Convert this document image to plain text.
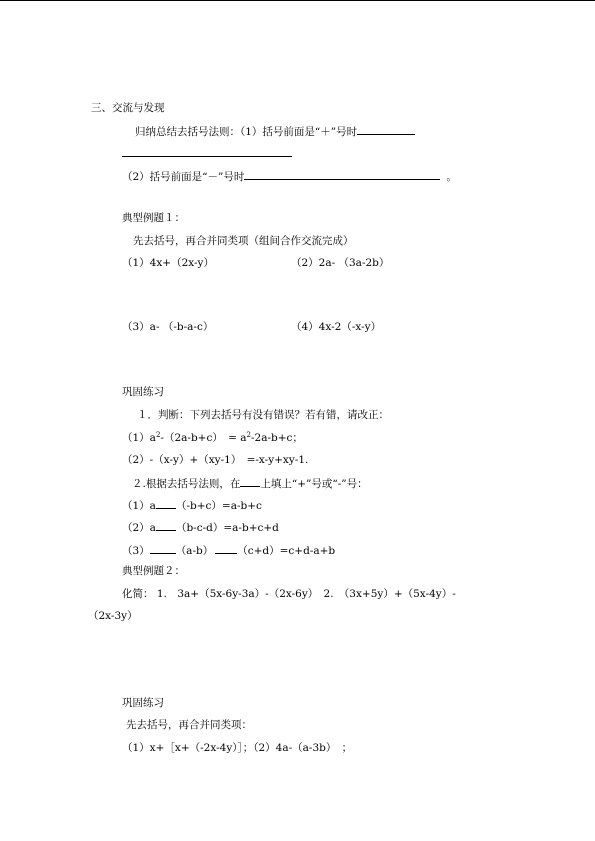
三、交流与发现
归纳总结去括号法则：（1）括号前面是“＋”号时
（2）括号前面是“－”号时	。
典型例题１：
先去括号，再合并同类项（组间合作交流完成）
（1）4x+（2x-y）	（2）2a- （3a-2b）
（3）a- （-b-a-c）	（4）4x-2（-x-y）
巩固练习
１．判断：下列去括号有没有错误？若有错，请改正：
$(1)a^2-(2a-b+c)$　= $a^2-2a-b+c$；
（2）-（x-y）+（xy-1）　=-x-y+xy-1.
２.根据去括号法则，在 上填上“+”号或“-”号：
（1）a （-b+c）=a-b+c
（2）a （b-c-d）=a-b+c+d
（3） （a-b） （c+d）=c+d-a+b
典型例题２：
化简： 1.　3a+（5x-6y-3a）-（2x-6y）　2.　（3x+5y）+（5x-4y）-
（2x-3y）
巩固练习
先去括号，再合并同类项：
（1）x+［x+（-2x-4y）］；（2）4a-（a-3b）　；
